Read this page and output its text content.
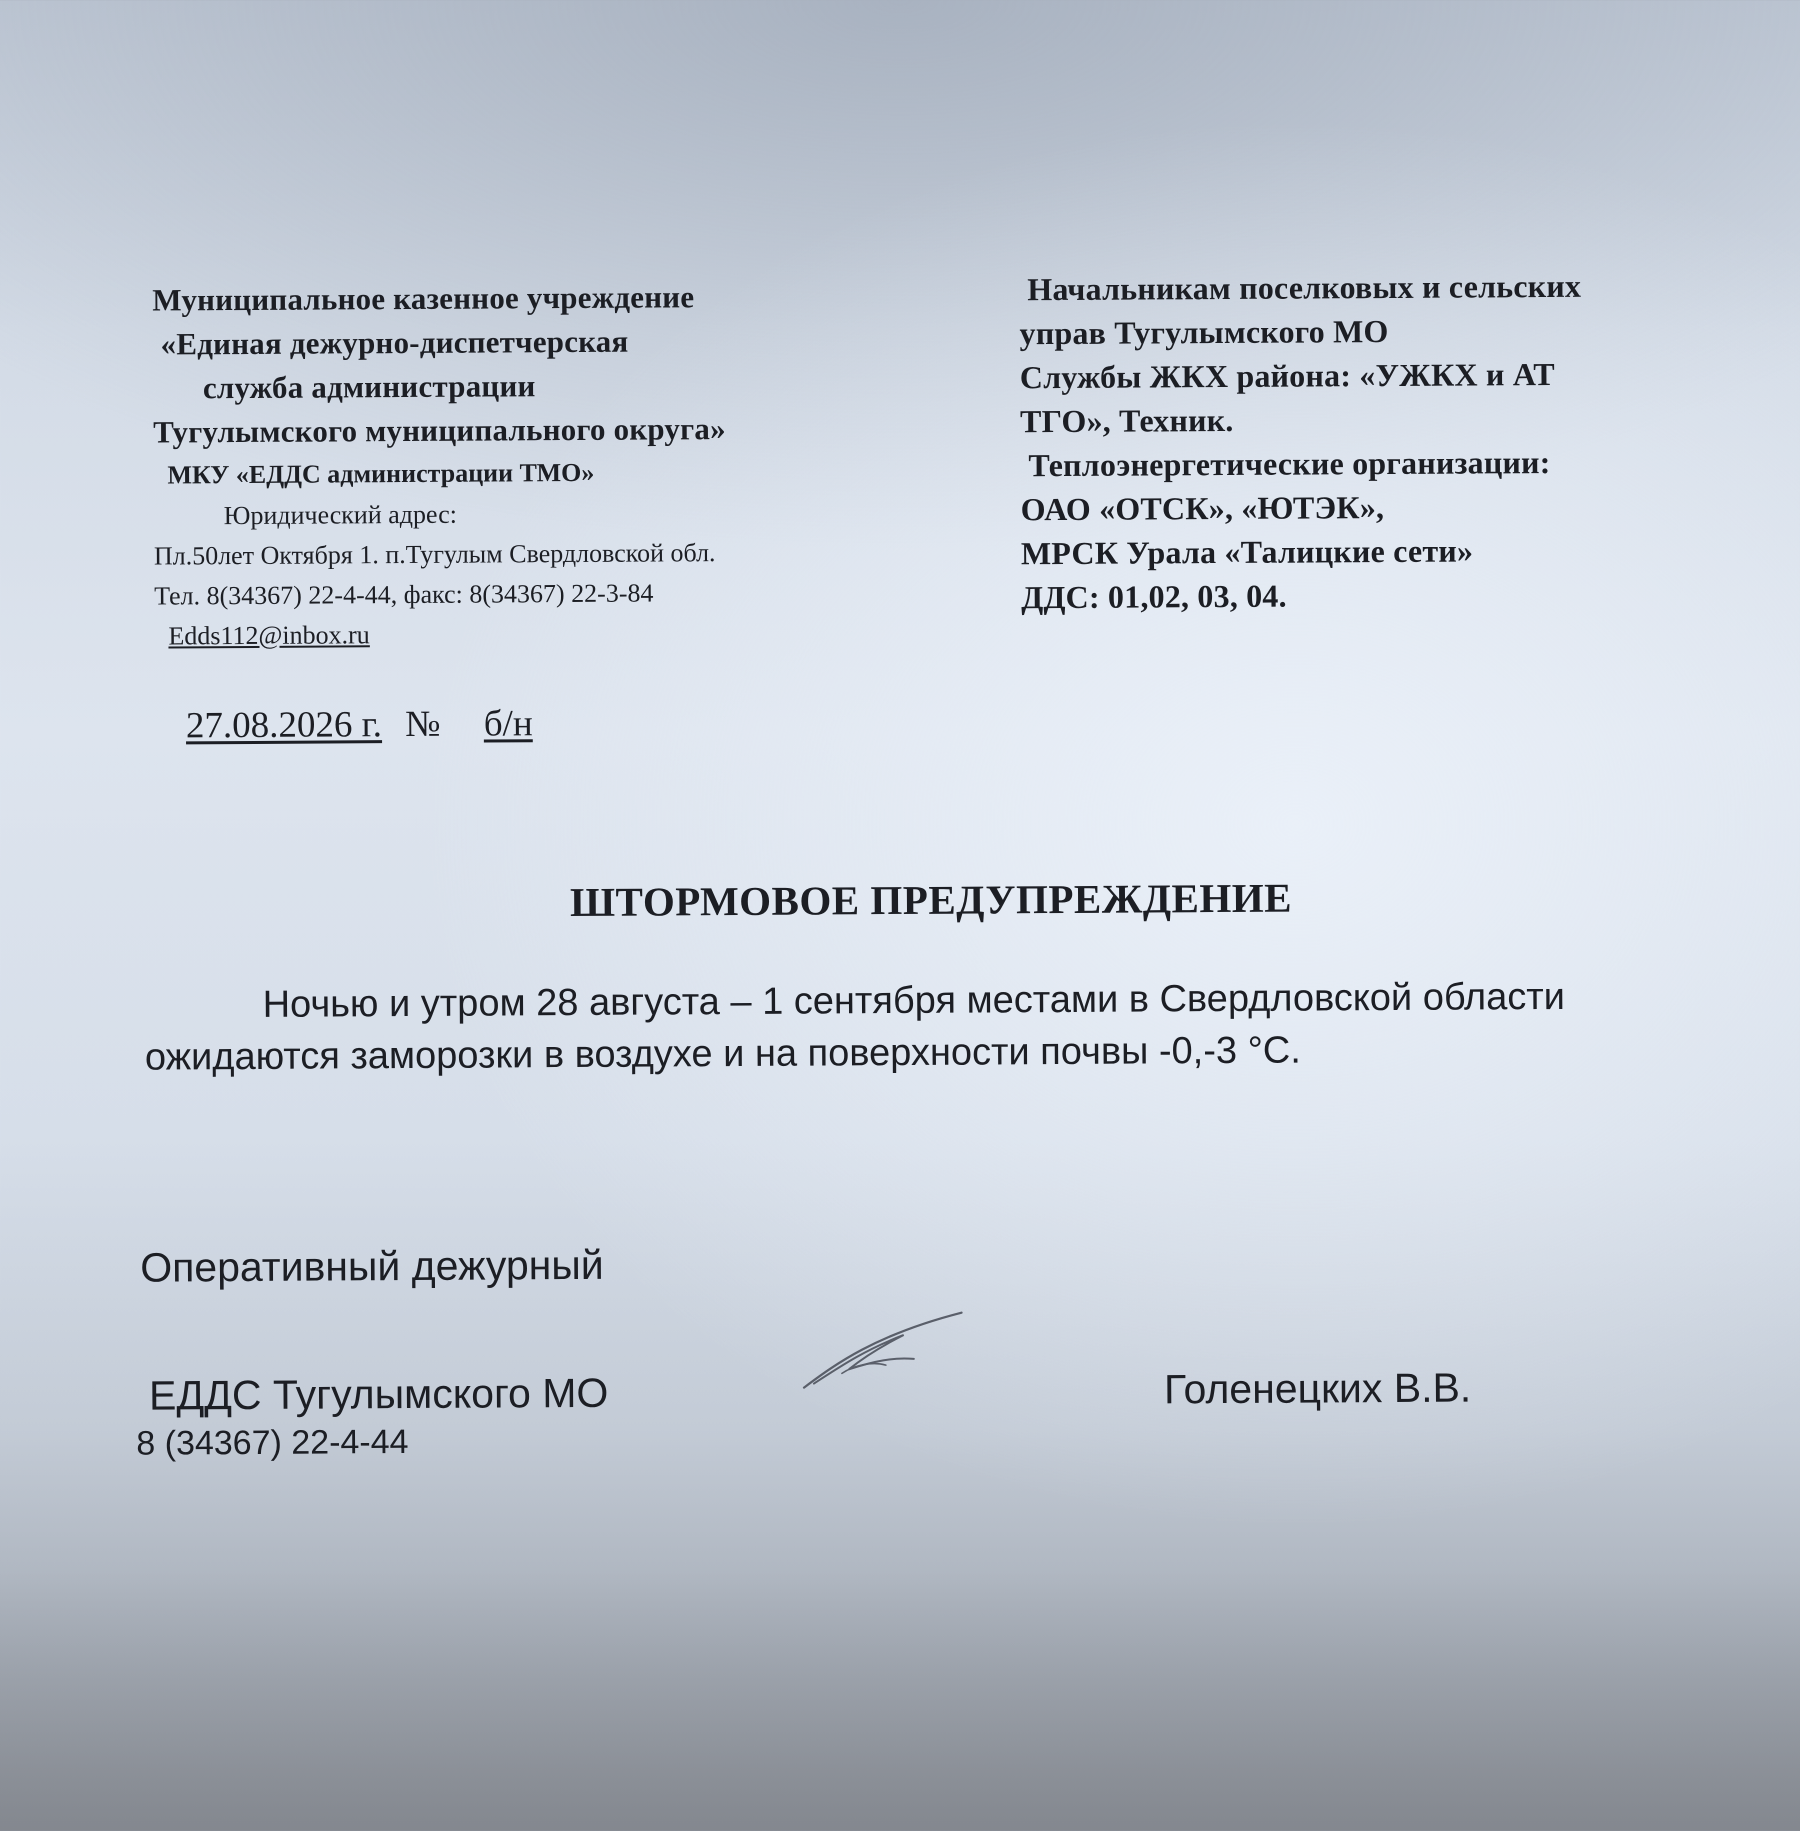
Муниципальное казенное учреждение
«Единая дежурно-диспетчерская
служба администрации
Тугулымского муниципального округа»
МКУ «ЕДДС администрации ТМО»
Юридический адрес:
Пл.50лет Октября 1. п.Тугулым Свердловской обл.
Тел. 8(34367) 22-4-44, факс: 8(34367) 22-3-84
Edds112@inbox.ru
27.08.2026 г. № б/н
Начальникам поселковых и сельских
управ Тугулымского МО
Службы ЖКХ района: «УЖКХ и АТ
ТГО», Техник.
Теплоэнергетические организации:
ОАО «ОТСК», «ЮТЭК»,
МРСК Урала «Талицкие сети»
ДДС: 01,02, 03, 04.
ШТОРМОВОЕ ПРЕДУПРЕЖДЕНИЕ
Ночью и утром 28 августа – 1 сентября местами в Свердловской области
ожидаются заморозки в воздухе и на поверхности почвы -0,-3 °С.
Оперативный дежурный
ЕДДС Тугулымского МО	Голенецких В.В.
8 (34367) 22-4-44
